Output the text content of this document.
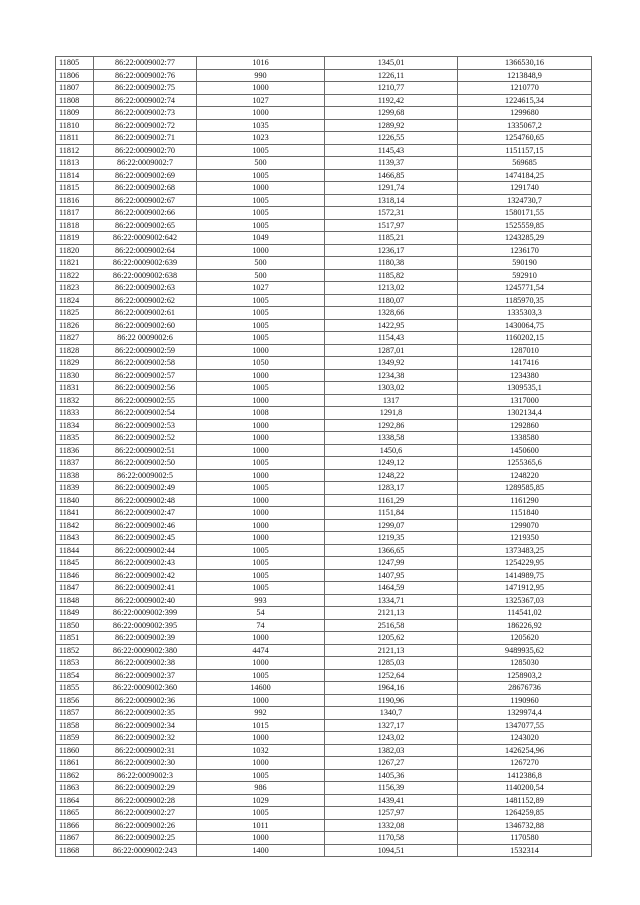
11805	86:22:0009002:77	1016	1345,01	1366530,16
11806	86:22:0009002:76	990	1226,11	1213848,9
11807	86:22:0009002:75	1000	1210,77	1210770
11808	86:22:0009002:74	1027	1192,42	1224615,34
11809	86:22:0009002:73	1000	1299,68	1299680
11810	86:22:0009002:72	1035	1289,92	1335067,2
11811	86:22:0009002:71	1023	1226,55	1254760,65
11812	86:22:0009002:70	1005	1145,43	1151157,15
11813	86:22:0009002:7	500	1139,37	569685
11814	86:22:0009002:69	1005	1466,85	1474184,25
11815	86:22:0009002:68	1000	1291,74	1291740
11816	86:22:0009002:67	1005	1318,14	1324730,7
11817	86:22:0009002:66	1005	1572,31	1580171,55
11818	86:22:0009002:65	1005	1517,97	1525559,85
11819	86:22:0009002:642	1049	1185,21	1243285,29
11820	86:22:0009002:64	1000	1236,17	1236170
11821	86:22:0009002:639	500	1180,38	590190
11822	86:22:0009002:638	500	1185,82	592910
11823	86:22:0009002:63	1027	1213,02	1245771,54
11824	86:22:0009002:62	1005	1180,07	1185970,35
11825	86:22:0009002:61	1005	1328,66	1335303,3
11826	86:22:0009002:60	1005	1422,95	1430064,75
11827	86:22 0009002:6	1005	1154,43	1160202,15
11828	86:22:0009002:59	1000	1287,01	1287010
11829	86:22:0009002:58	1050	1349,92	1417416
11830	86:22:0009002:57	1000	1234,38	1234380
11831	86:22:0009002:56	1005	1303,02	1309535,1
11832	86:22:0009002:55	1000	1317	1317000
11833	86:22:0009002:54	1008	1291,8	1302134,4
11834	86:22:0009002:53	1000	1292,86	1292860
11835	86:22:0009002:52	1000	1338,58	1338580
11836	86:22:0009002:51	1000	1450,6	1450600
11837	86:22:0009002:50	1005	1249,12	1255365,6
11838	86:22:0009002:5	1000	1248,22	1248220
11839	86:22:0009002:49	1005	1283,17	1289585,85
11840	86:22:0009002:48	1000	1161,29	1161290
11841	86:22:0009002:47	1000	1151,84	1151840
11842	86:22:0009002:46	1000	1299,07	1299070
11843	86:22:0009002:45	1000	1219,35	1219350
11844	86:22:0009002:44	1005	1366,65	1373483,25
11845	86:22:0009002:43	1005	1247,99	1254229,95
11846	86:22:0009002:42	1005	1407,95	1414989,75
11847	86:22:0009002:41	1005	1464,59	1471912,95
11848	86:22:0009002:40	993	1334,71	1325367,03
11849	86:22:0009002:399	54	2121,13	114541,02
11850	86:22:0009002:395	74	2516,58	186226,92
11851	86:22:0009002:39	1000	1205,62	1205620
11852	86:22:0009002:380	4474	2121,13	9489935,62
11853	86:22:0009002:38	1000	1285,03	1285030
11854	86:22:0009002:37	1005	1252,64	1258903,2
11855	86:22:0009002:360	14600	1964,16	28676736
11856	86:22:0009002:36	1000	1190,96	1190960
11857	86:22:0009002:35	992	1340,7	1329974,4
11858	86:22:0009002:34	1015	1327,17	1347077,55
11859	86:22:0009002:32	1000	1243,02	1243020
11860	86:22:0009002:31	1032	1382,03	1426254,96
11861	86:22:0009002:30	1000	1267,27	1267270
11862	86:22:0009002:3	1005	1405,36	1412386,8
11863	86:22:0009002:29	986	1156,39	1140200,54
11864	86:22:0009002:28	1029	1439,41	1481152,89
11865	86:22:0009002:27	1005	1257,97	1264259,85
11866	86:22:0009002:26	1011	1332,08	1346732,88
11867	86:22:0009002:25	1000	1170,58	1170580
11868	86:22:0009002:243	1400	1094,51	1532314
